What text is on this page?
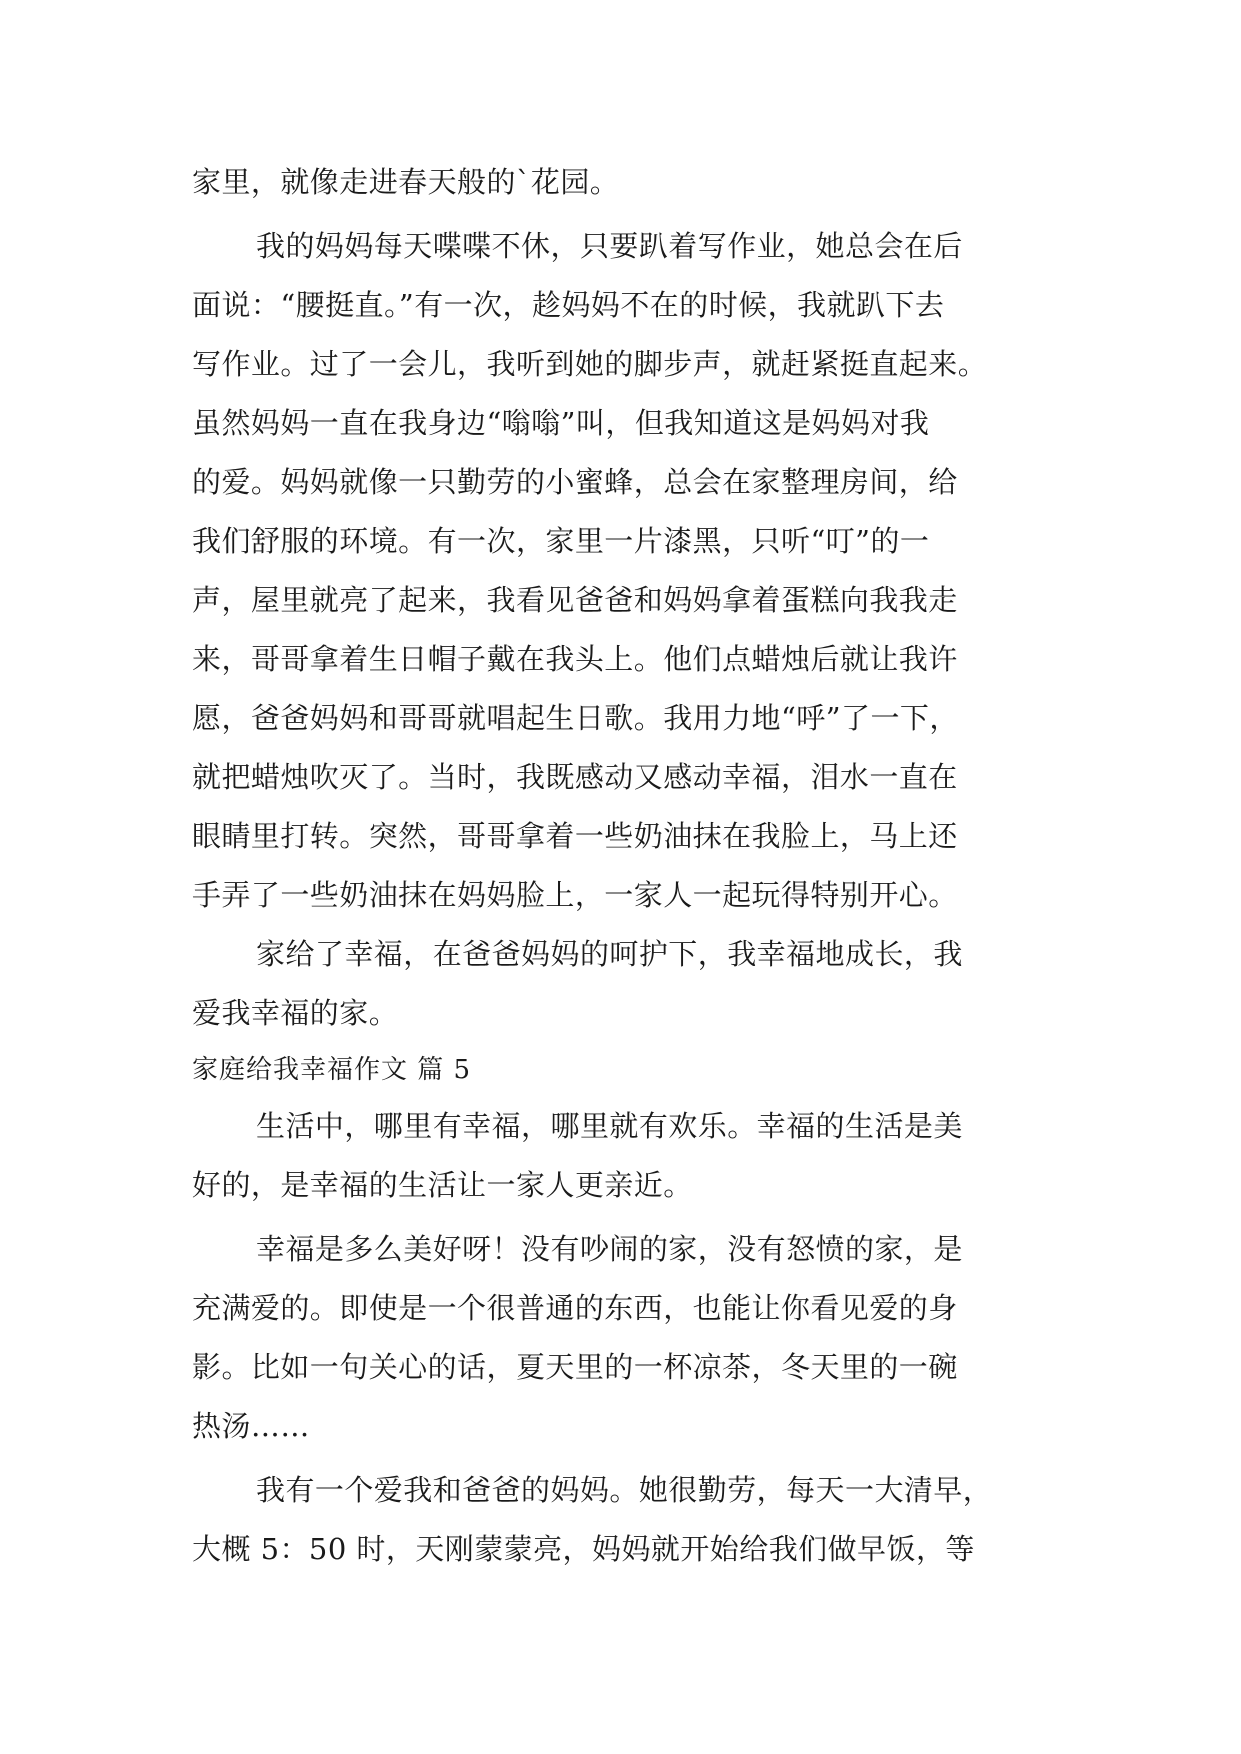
家里，就像走进春天般的`花园。

我的妈妈每天喋喋不休，只要趴着写作业，她总会在后

面说：“腰挺直。”有一次，趁妈妈不在的时候，我就趴下去

写作业。过了一会儿，我听到她的脚步声，就赶紧挺直起来。

虽然妈妈一直在我身边“嗡嗡”叫，但我知道这是妈妈对我

的爱。妈妈就像一只勤劳的小蜜蜂，总会在家整理房间，给

我们舒服的环境。有一次，家里一片漆黑，只听“叮”的一

声，屋里就亮了起来，我看见爸爸和妈妈拿着蛋糕向我我走

来，哥哥拿着生日帽子戴在我头上。他们点蜡烛后就让我许

愿，爸爸妈妈和哥哥就唱起生日歌。我用力地“呼”了一下，

就把蜡烛吹灭了。当时，我既感动又感动幸福，泪水一直在

眼睛里打转。突然，哥哥拿着一些奶油抹在我脸上，马上还

手弄了一些奶油抹在妈妈脸上，一家人一起玩得特别开心。

家给了幸福，在爸爸妈妈的呵护下，我幸福地成长，我

爱我幸福的家。

家庭给我幸福作文 篇 5

生活中，哪里有幸福，哪里就有欢乐。幸福的生活是美

好的，是幸福的生活让一家人更亲近。

幸福是多么美好呀！没有吵闹的家，没有怒愤的家，是

充满爱的。即使是一个很普通的东西，也能让你看见爱的身

影。比如一句关心的话，夏天里的一杯凉茶，冬天里的一碗

热汤……

我有一个爱我和爸爸的妈妈。她很勤劳，每天一大清早，

大概 5：50 时，天刚蒙蒙亮，妈妈就开始给我们做早饭，等
